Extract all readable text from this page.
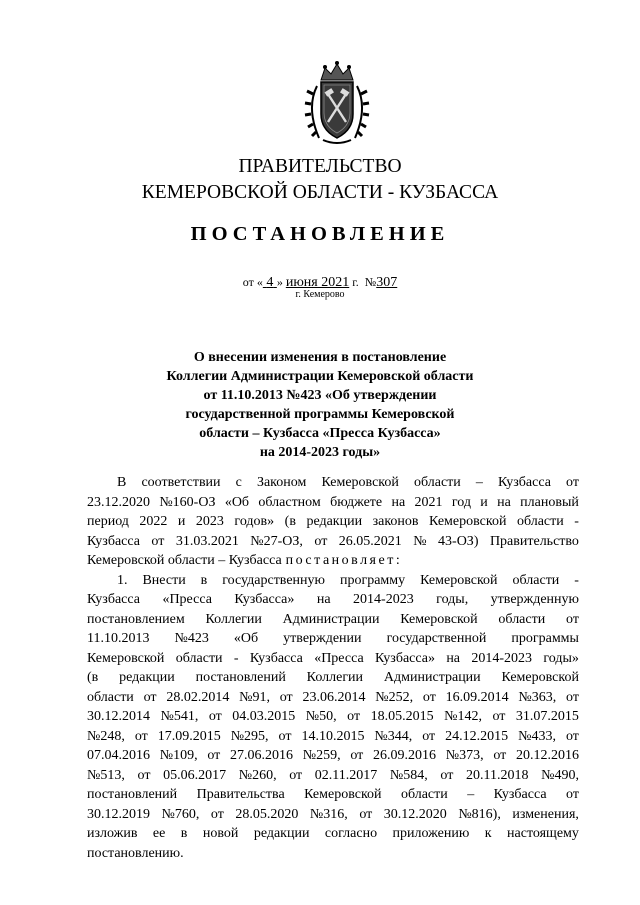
ПРАВИТЕЛЬСТВО
КЕМЕРОВСКОЙ ОБЛАСТИ - КУЗБАССА
ПОСТАНОВЛЕНИЕ
от « 4 » июня 2021 г. №307
г. Кемерово
О внесении изменения в постановление
Коллегии Администрации Кемеровской области
от 11.10.2013 №423 «Об утверждении
государственной программы Кемеровской
области – Кузбасса «Пресса Кузбасса»
на 2014-2023 годы»
В соответствии с Законом Кемеровской области – Кузбасса от
23.12.2020 №160-ОЗ «Об областном бюджете на 2021 год и на плановый
период 2022 и 2023 годов» (в редакции законов Кемеровской области -
Кузбасса от 31.03.2021 №27-ОЗ, от 26.05.2021 № 43-ОЗ) Правительство
Кемеровской области – Кузбасса постановляет:
1. Внести в государственную программу Кемеровской области -
Кузбасса «Пресса Кузбасса» на 2014-2023 годы, утвержденную
постановлением Коллегии Администрации Кемеровской области от
11.10.2013 №423 «Об утверждении государственной программы
Кемеровской области - Кузбасса «Пресса Кузбасса» на 2014-2023 годы»
(в редакции постановлений Коллегии Администрации Кемеровской
области от 28.02.2014 №91, от 23.06.2014 №252, от 16.09.2014 №363, от
30.12.2014 №541, от 04.03.2015 №50, от 18.05.2015 №142, от 31.07.2015
№248, от 17.09.2015 №295, от 14.10.2015 №344, от 24.12.2015 №433, от
07.04.2016 №109, от 27.06.2016 №259, от 26.09.2016 №373, от 20.12.2016
№513, от 05.06.2017 №260, от 02.11.2017 №584, от 20.11.2018 №490,
постановлений Правительства Кемеровской области – Кузбасса от
30.12.2019 №760, от 28.05.2020 №316, от 30.12.2020 №816), изменения,
изложив ее в новой редакции согласно приложению к настоящему
постановлению.
